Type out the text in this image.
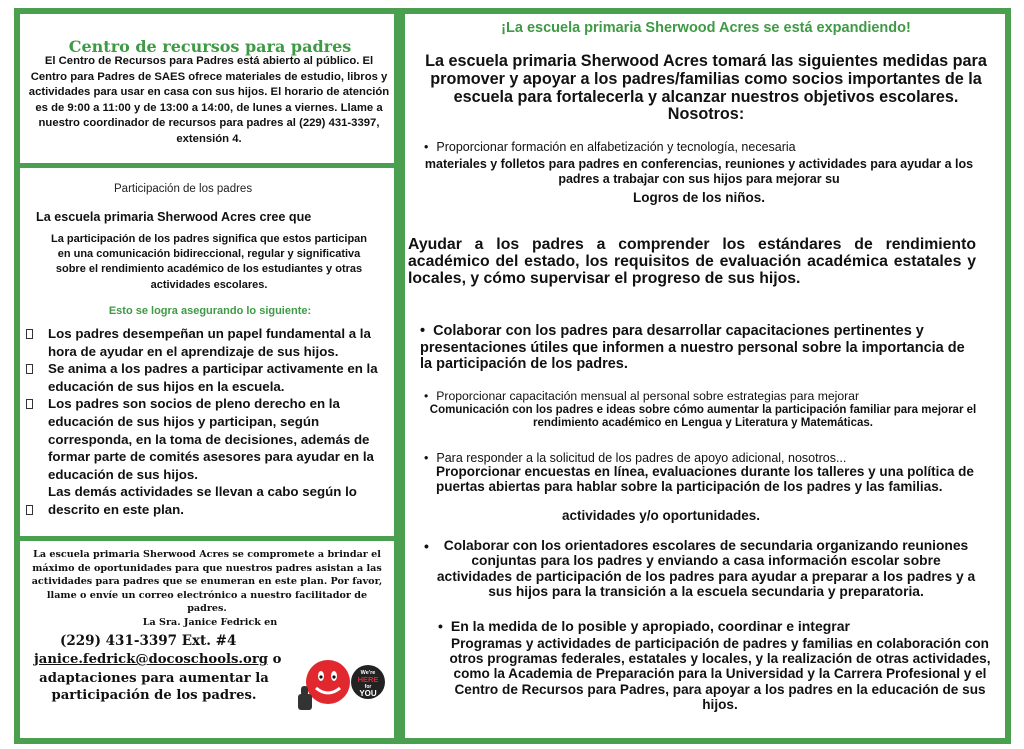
Centro de recursos para padres
El Centro de Recursos para Padres está abierto al público. El Centro para Padres de SAES ofrece materiales de estudio, libros y actividades para usar en casa con sus hijos. El horario de atención es de 9:00 a 11:00 y de 13:00 a 14:00, de lunes a viernes. Llame a nuestro coordinador de recursos para padres al (229) 431-3397, extensión 4.
Participación de los padres
La escuela primaria Sherwood Acres cree que
La participación de los padres significa que estos participan en una comunicación bidireccional, regular y significativa sobre el rendimiento académico de los estudiantes y otras actividades escolares.
Esto se logra asegurando lo siguiente:
Los padres desempeñan un papel fundamental a la hora de ayudar en el aprendizaje de sus hijos.
Se anima a los padres a participar activamente en la educación de sus hijos en la escuela.
Los padres son socios de pleno derecho en la educación de sus hijos y participan, según corresponda, en la toma de decisiones, además de formar parte de comités asesores para ayudar en la educación de sus hijos.
Las demás actividades se llevan a cabo según lo descrito en este plan.
La escuela primaria Sherwood Acres se compromete a brindar el máximo de oportunidades para que nuestros padres asistan a las actividades para padres que se enumeran en este plan. Por favor, llame o envíe un correo electrónico a nuestro facilitador de padres.
La Sra. Janice Fedrick en
(229) 431-3397 Ext. #4
janice.fedrick@docoschools.org o
adaptaciones para aumentar la participación de los padres.
We're
HERE
for
YOU
¡La escuela primaria Sherwood Acres se está expandiendo!
La escuela primaria Sherwood Acres tomará las siguientes medidas para promover y apoyar a los padres/familias como socios importantes de la escuela para fortalecerla y alcanzar nuestros objetivos escolares. Nosotros:
• Proporcionar formación en alfabetización y tecnología, necesaria
materiales y folletos para padres en conferencias, reuniones y actividades para ayudar a los padres a trabajar con sus hijos para mejorar su
Logros de los niños.
Ayudar a los padres a comprender los estándares de rendimiento académico del estado, los requisitos de evaluación académica estatales y locales, y cómo supervisar el progreso de sus hijos.
• Colaborar con los padres para desarrollar capacitaciones pertinentes y presentaciones útiles que informen a nuestro personal sobre la importancia de la participación de los padres.
• Proporcionar capacitación mensual al personal sobre estrategias para mejorar
Comunicación con los padres e ideas sobre cómo aumentar la participación familiar para mejorar el rendimiento académico en Lengua y Literatura y Matemáticas.
• Para responder a la solicitud de los padres de apoyo adicional, nosotros...
Proporcionar encuestas en línea, evaluaciones durante los talleres y una política de puertas abiertas para hablar sobre la participación de los padres y las familias.
actividades y/o oportunidades.
•	Colaborar con los orientadores escolares de secundaria organizando reuniones conjuntas para los padres y enviando a casa información escolar sobre actividades de participación de los padres para ayudar a preparar a los padres y a sus hijos para la transición a la escuela secundaria y preparatoria.
• En la medida de lo posible y apropiado, coordinar e integrar
Programas y actividades de participación de padres y familias en colaboración con otros programas federales, estatales y locales, y la realización de otras actividades, como la Academia de Preparación para la Universidad y la Carrera Profesional y el Centro de Recursos para Padres, para apoyar a los padres en la educación de sus hijos.
